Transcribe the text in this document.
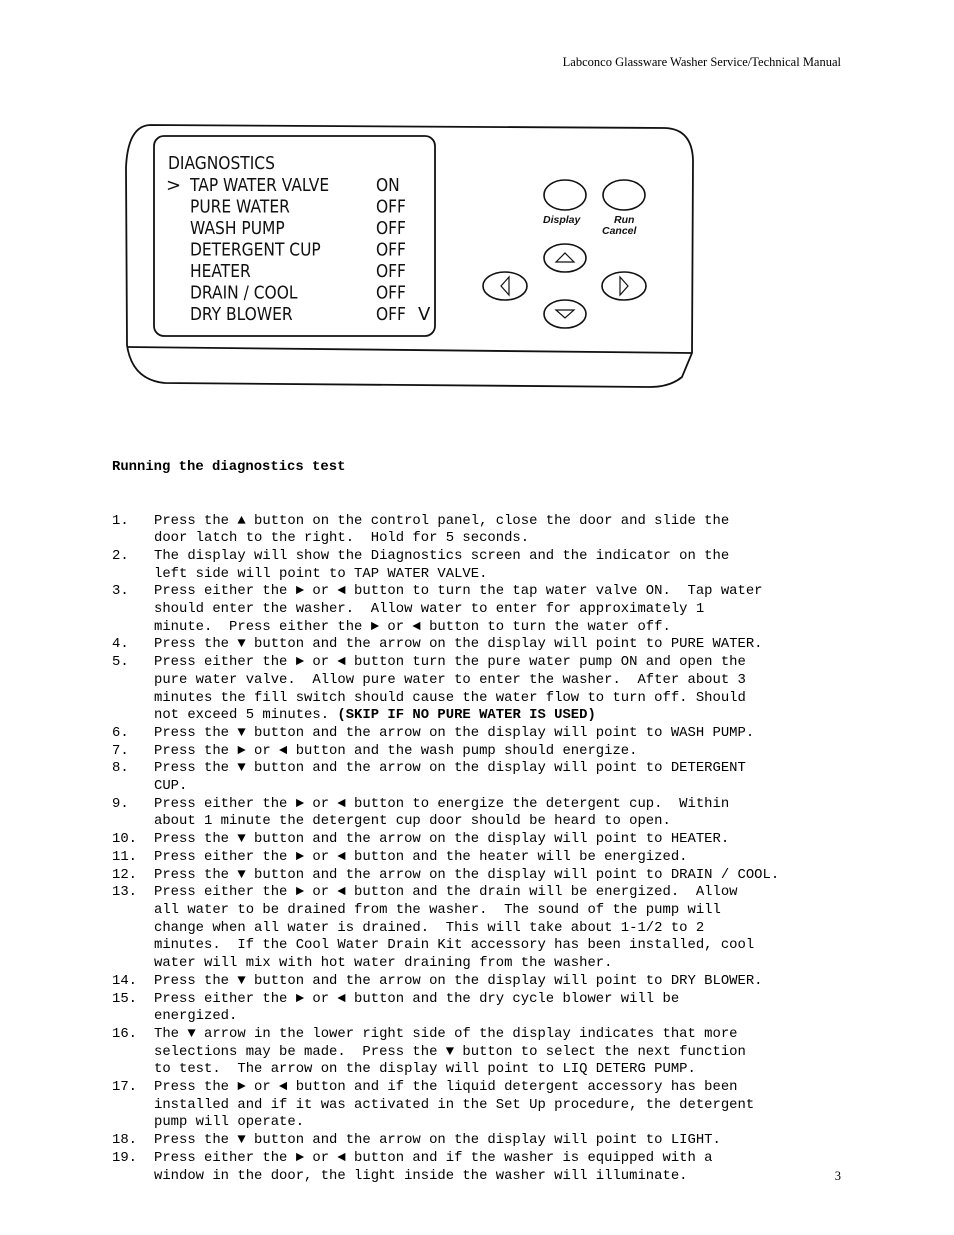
Labconco Glassware Washer Service/Technical Manual
DIAGNOSTICS
> TAP WATER VALVE	ON
PURE WATER	OFF
WASH PUMP	OFF
DETERGENT CUP	OFF
HEATER	OFF
DRAIN / COOL	OFF
DRY BLOWER	OFF V
Display	Run
Cancel

Running the diagnostics test

1. Press the ▲ button on the control panel, close the door and slide the
door latch to the right.  Hold for 5 seconds.
2. The display will show the Diagnostics screen and the indicator on the
left side will point to TAP WATER VALVE.
3. Press either the ► or ◄ button to turn the tap water valve ON.  Tap water
should enter the washer.  Allow water to enter for approximately 1
minute.  Press either the ► or ◄ button to turn the water off.
4. Press the ▼ button and the arrow on the display will point to PURE WATER.
5. Press either the ► or ◄ button turn the pure water pump ON and open the
pure water valve.  Allow pure water to enter the washer.  After about 3
minutes the fill switch should cause the water flow to turn off. Should
not exceed 5 minutes. (SKIP IF NO PURE WATER IS USED)
6. Press the ▼ button and the arrow on the display will point to WASH PUMP.
7. Press the ► or ◄ button and the wash pump should energize.
8. Press the ▼ button and the arrow on the display will point to DETERGENT
CUP.
9. Press either the ► or ◄ button to energize the detergent cup.  Within
about 1 minute the detergent cup door should be heard to open.
10. Press the ▼ button and the arrow on the display will point to HEATER.
11. Press either the ► or ◄ button and the heater will be energized.
12. Press the ▼ button and the arrow on the display will point to DRAIN / COOL.
13. Press either the ► or ◄ button and the drain will be energized.  Allow
all water to be drained from the washer.  The sound of the pump will
change when all water is drained.  This will take about 1-1/2 to 2
minutes.  If the Cool Water Drain Kit accessory has been installed, cool
water will mix with hot water draining from the washer.
14. Press the ▼ button and the arrow on the display will point to DRY BLOWER.
15. Press either the ► or ◄ button and the dry cycle blower will be
energized.
16. The ▼ arrow in the lower right side of the display indicates that more
selections may be made.  Press the ▼ button to select the next function
to test.  The arrow on the display will point to LIQ DETERG PUMP.
17. Press the ► or ◄ button and if the liquid detergent accessory has been
installed and if it was activated in the Set Up procedure, the detergent
pump will operate.
18. Press the ▼ button and the arrow on the display will point to LIGHT.
19. Press either the ► or ◄ button and if the washer is equipped with a
window in the door, the light inside the washer will illuminate.	3
